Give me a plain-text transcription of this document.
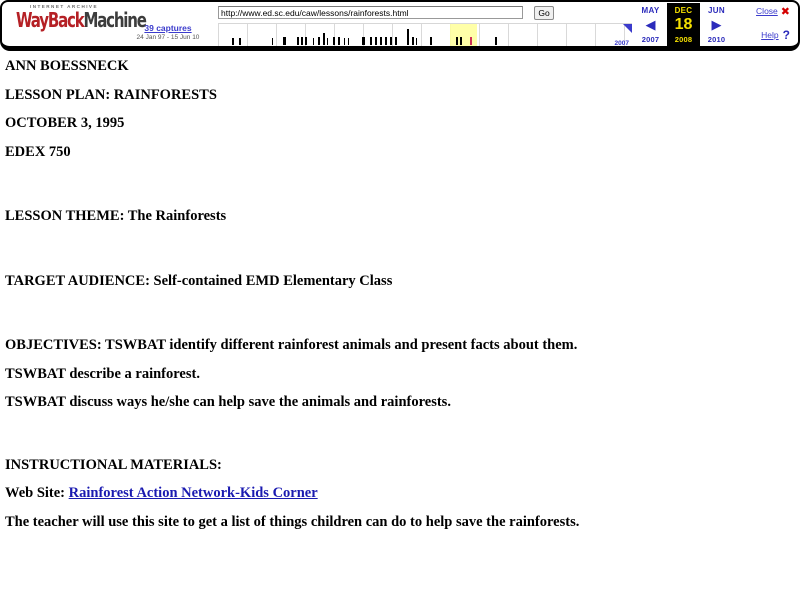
INTERNET ARCHIVE
WayBackMachine
39 captures
24 Jan 97 - 15 Jun 10
http://www.ed.sc.edu/caw/lessons/rainforests.html
Go
2007
MAY
◀
2007
DEC
18
2008
JUN
▶
2010
Close ✖
Help ?

ANN BOESSNECK

LESSON PLAN: RAINFORESTS

OCTOBER 3, 1995

EDEX 750

LESSON THEME: The Rainforests

TARGET AUDIENCE: Self-contained EMD Elementary Class

OBJECTIVES: TSWBAT identify different rainforest animals and present facts about them.

TSWBAT describe a rainforest.

TSWBAT discuss ways he/she can help save the animals and rainforests.

INSTRUCTIONAL MATERIALS:

Web Site: Rainforest Action Network-Kids Corner

The teacher will use this site to get a list of things children can do to help save the rainforests.
